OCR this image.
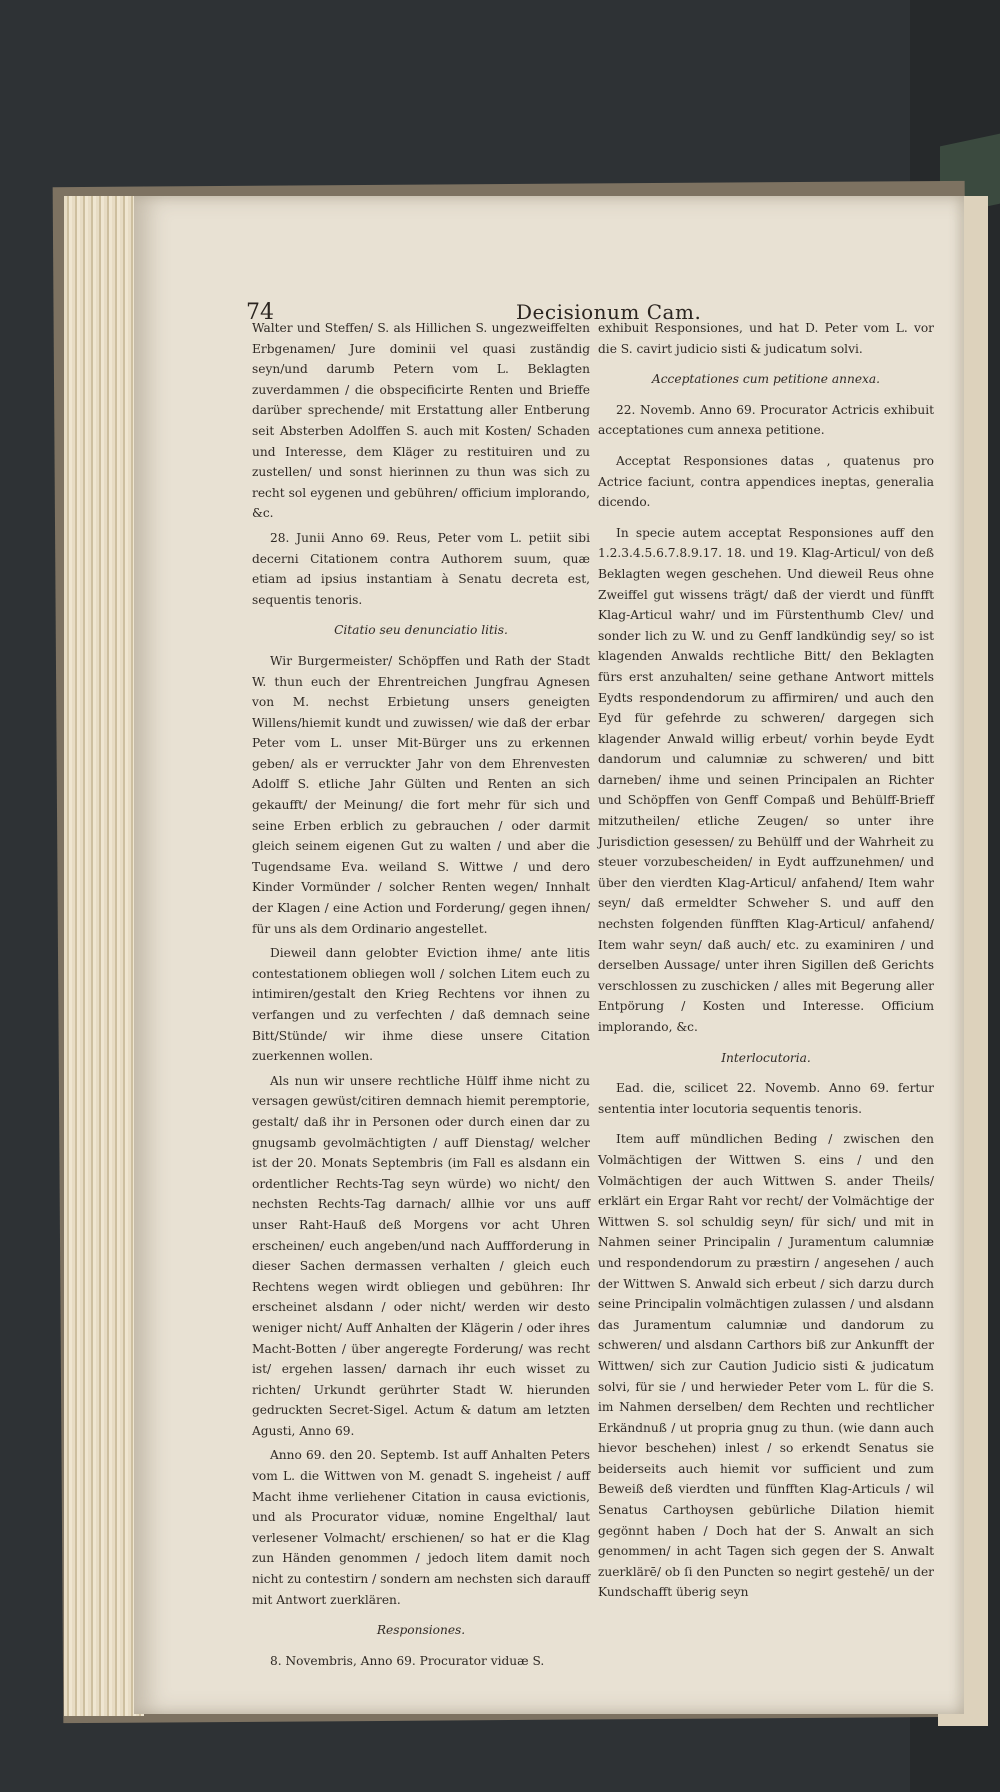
74	Decisionum Cam.

Walter und Steffen/ S. als Hillichen S. ungezweiffelten Erbgenamen/ Jure dominii vel quasi zuständig seyn/und darumb Petern vom L. Beklagten zuverdammen / die obspecificirte Renten und Brieffe darüber sprechende/ mit Erstattung aller Entberung seit Absterben Adolffen S. auch mit Kosten/ Schaden und Interesse, dem Kläger zu restituiren und zu zustellen/ und sonst hierinnen zu thun was sich zu recht sol eygenen und gebühren/ officium implorando, &c.

28. Junii Anno 69. Reus, Peter vom L. petiit sibi decerni Citationem contra Authorem suum, quæ etiam ad ipsius instantiam à Senatu decreta est, sequentis tenoris.

Citatio seu denunciatio litis.

Wir Burgermeister/ Schöpffen und Rath der Stadt W. thun euch der Ehrentreichen Jungfrau Agnesen von M. nechst Erbietung unsers geneigten Willens/hiemit kundt und zuwissen/ wie daß der erbar Peter vom L. unser Mit-Bürger uns zu erkennen geben/ als er verruckter Jahr von dem Ehrenvesten Adolff S. etliche Jahr Gülten und Renten an sich gekaufft/ der Meinung/ die fort mehr für sich und seine Erben erblich zu gebrauchen / oder darmit gleich seinem eigenen Gut zu walten / und aber die Tugendsame Eva. weiland S. Wittwe / und dero Kinder Vormünder / solcher Renten wegen/ Innhalt der Klagen / eine Action und Forderung/ gegen ihnen/ für uns als dem Ordinario angestellet.

Dieweil dann gelobter Eviction ihme/ ante litis contestationem obliegen woll / solchen Litem euch zu intimiren/gestalt den Krieg Rechtens vor ihnen zu verfangen und zu verfechten / daß demnach seine Bitt/Stünde/ wir ihme diese unsere Citation zuerkennen wollen.

Als nun wir unsere rechtliche Hülff ihme nicht zu versagen gewüst/citiren demnach hiemit peremptorie, gestalt/ daß ihr in Personen oder durch einen dar zu gnugsamb gevolmächtigten / auff Dienstag/ welcher ist der 20. Monats Septembris (im Fall es alsdann ein ordentlicher Rechts-Tag seyn würde) wo nicht/ den nechsten Rechts-Tag darnach/ allhie vor uns auff unser Raht-Hauß deß Morgens vor acht Uhren erscheinen/ euch angeben/und nach Auffforderung in dieser Sachen dermassen verhalten / gleich euch Rechtens wegen wirdt obliegen und gebühren: Ihr erscheinet alsdann / oder nicht/ werden wir desto weniger nicht/ Auff Anhalten der Klägerin / oder ihres Macht-Botten / über angeregte Forderung/ was recht ist/ ergehen lassen/ darnach ihr euch wisset zu richten/ Urkundt gerührter Stadt W. hierunden gedruckten Secret-Sigel. Actum & datum am letzten Agusti, Anno 69.

Anno 69. den 20. Septemb. Ist auff Anhalten Peters vom L. die Wittwen von M. genadt S. ingeheist / auff Macht ihme verliehener Citation in causa evictionis, und als Procurator viduæ, nomine Engelthal/ laut verlesener Volmacht/ erschienen/ so hat er die Klag zun Händen genommen / jedoch litem damit noch nicht zu contestirn / sondern am nechsten sich darauff mit Antwort zuerklären.

Responsiones.

8. Novembris, Anno 69. Procurator viduæ S.

exhibuit Responsiones, und hat D. Peter vom L. vor die S. cavirt judicio sisti & judicatum solvi.

Acceptationes cum petitione annexa.

22. Novemb. Anno 69. Procurator Actricis exhibuit acceptationes cum annexa petitione.

Acceptat Responsiones datas , quatenus pro Actrice faciunt, contra appendices ineptas, generalia dicendo.

In specie autem acceptat Responsiones auff den 1.2.3.4.5.6.7.8.9.17. 18. und 19. Klag-Articul/ von deß Beklagten wegen geschehen. Und dieweil Reus ohne Zweiffel gut wissens trägt/ daß der vierdt und fünfft Klag-Articul wahr/ und im Fürstenthumb Clev/ und sonder lich zu W. und zu Genff landkündig sey/ so ist klagenden Anwalds rechtliche Bitt/ den Beklagten fürs erst anzuhalten/ seine gethane Antwort mittels Eydts respondendorum zu affirmiren/ und auch den Eyd für gefehrde zu schweren/ dargegen sich klagender Anwald willig erbeut/ vorhin beyde Eydt dandorum und calumniæ zu schweren/ und bitt darneben/ ihme und seinen Principalen an Richter und Schöpffen von Genff Compaß und Behülff-Brieff mitzutheilen/ etliche Zeugen/ so unter ihre Jurisdiction gesessen/ zu Behülff und der Wahrheit zu steuer vorzubescheiden/ in Eydt auffzunehmen/ und über den vierdten Klag-Articul/ anfahend/ Item wahr seyn/ daß ermeldter Schweher S. und auff den nechsten folgenden fünfften Klag-Articul/ anfahend/ Item wahr seyn/ daß auch/ etc. zu examiniren / und derselben Aussage/ unter ihren Sigillen deß Gerichts verschlossen zu zuschicken / alles mit Begerung aller Entpörung / Kosten und Interesse. Officium implorando, &c.

Interlocutoria.

Ead. die, scilicet 22. Novemb. Anno 69. fertur sententia inter locutoria sequentis tenoris.

Item auff mündlichen Beding / zwischen den Volmächtigen der Wittwen S. eins / und den Volmächtigen der auch Wittwen S. ander Theils/ erklärt ein Ergar Raht vor recht/ der Volmächtige der Wittwen S. sol schuldig seyn/ für sich/ und mit in Nahmen seiner Principalin / Juramentum calumniæ und respondendorum zu præstirn / angesehen / auch der Wittwen S. Anwald sich erbeut / sich darzu durch seine Principalin volmächtigen zulassen / und alsdann das Juramentum calumniæ und dandorum zu schweren/ und alsdann Carthors biß zur Ankunfft der Wittwen/ sich zur Caution Judicio sisti & judicatum solvi, für sie / und herwieder Peter vom L. für die S. im Nahmen derselben/ dem Rechten und rechtlicher Erkändnuß / ut propria gnug zu thun. (wie dann auch hievor beschehen) inlest / so erkendt Senatus sie beiderseits auch hiemit vor sufficient und zum Beweiß deß vierdten und fünfften Klag-Articuls / wil Senatus Carthoysen gebürliche Dilation hiemit gegönnt haben / Doch hat der S. Anwalt an sich genommen/ in acht Tagen sich gegen der S. Anwalt zuerklärē/ ob ſi den Puncten so negirt gestehē/ un der Kundschafft überig seyn
